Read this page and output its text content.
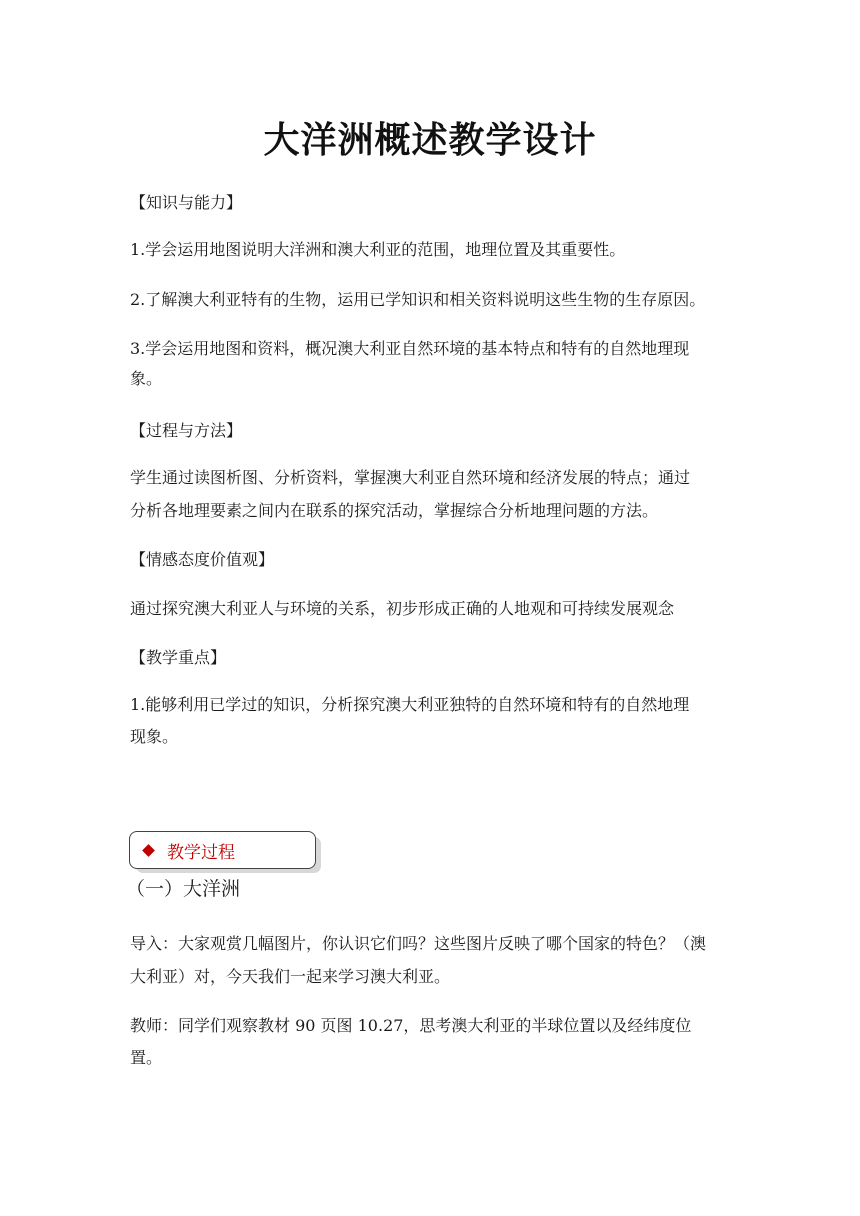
大洋洲概述教学设计
【知识与能力】
1.学会运用地图说明大洋洲和澳大利亚的范围，地理位置及其重要性。
2.了解澳大利亚特有的生物，运用已学知识和相关资料说明这些生物的生存原因。
3.学会运用地图和资料，概况澳大利亚自然环境的基本特点和特有的自然地理现
象。
【过程与方法】
学生通过读图析图、分析资料，掌握澳大利亚自然环境和经济发展的特点；通过
分析各地理要素之间内在联系的探究活动，掌握综合分析地理问题的方法。
【情感态度价值观】
通过探究澳大利亚人与环境的关系，初步形成正确的人地观和可持续发展观念
【教学重点】
1.能够利用已学过的知识，分析探究澳大利亚独特的自然环境和特有的自然地理
现象。
教学过程
（一）大洋洲
导入：大家观赏几幅图片，你认识它们吗？这些图片反映了哪个国家的特色？（澳
大利亚）对，今天我们一起来学习澳大利亚。
教师：同学们观察教材 90 页图 10.27，思考澳大利亚的半球位置以及经纬度位
置。
